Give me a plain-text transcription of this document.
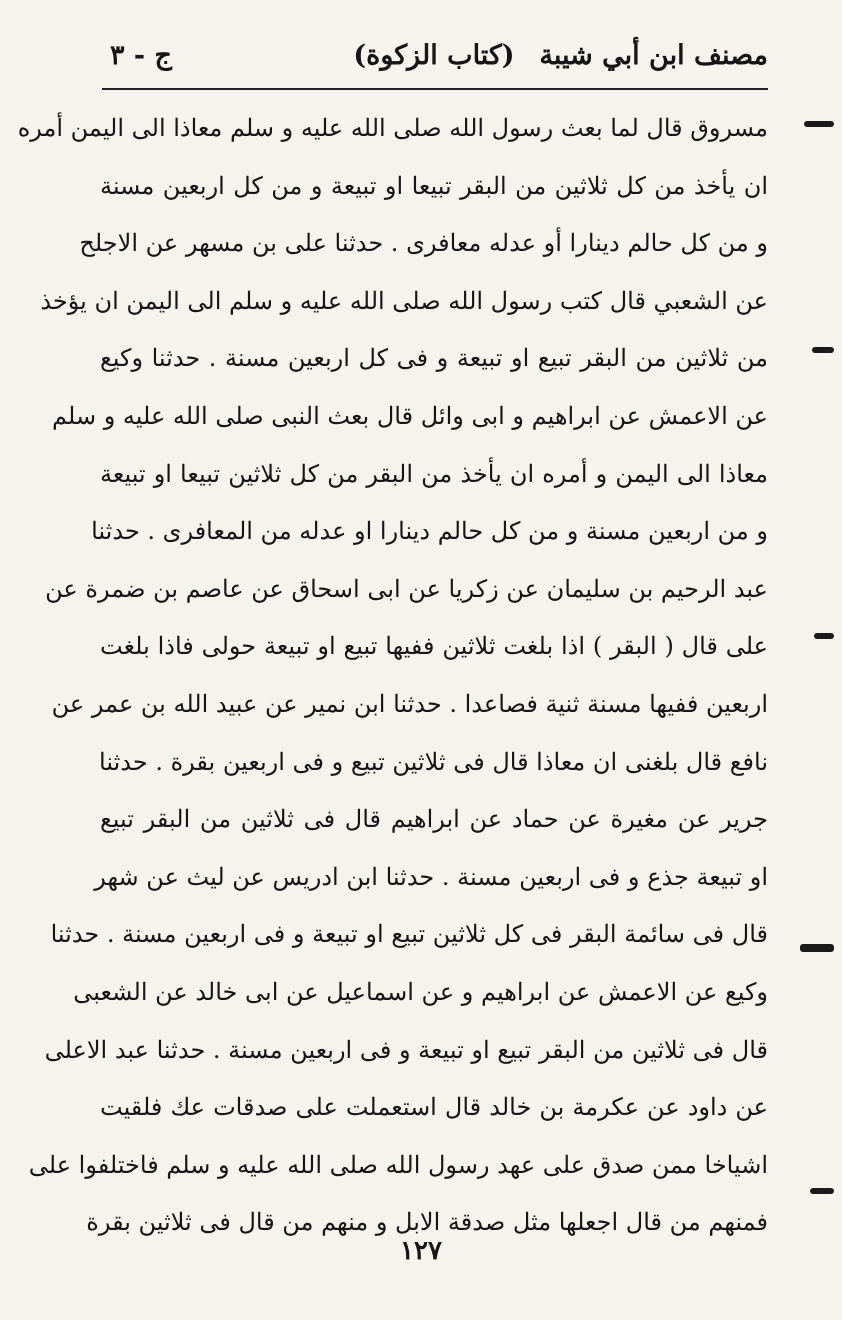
مصنف ابن أبي شيبة
(كتاب الزكوة)
ج - ٣
مسروق قال لما بعث رسول الله صلى الله عليه و سلم معاذا الى اليمن أمره
ان يأخذ من كل ثلاثين من البقر تبيعا او تبيعة و من كل اربعين مسنة
و من كل حالم دينارا أو عدله معافرى . حدثنا على بن مسهر عن الاجلح
عن الشعبي قال كتب رسول الله صلى الله عليه و سلم الى اليمن ان يؤخذ
من ثلاثين من البقر تبيع او تبيعة و فى كل اربعين مسنة . حدثنا وكيع
عن الاعمش عن ابراهيم و ابى وائل قال بعث النبى صلى الله عليه و سلم
معاذا الى اليمن و أمره ان يأخذ من البقر من كل ثلاثين تبيعا او تبيعة
و من اربعين مسنة و من كل حالم دينارا او عدله من المعافرى . حدثنا
عبد الرحيم بن سليمان عن زكريا عن ابى اسحاق عن عاصم بن ضمرة عن
على قال ( البقر ) اذا بلغت ثلاثين ففيها تبيع او تبيعة حولى فاذا بلغت
اربعين ففيها مسنة ثنية فصاعدا . حدثنا ابن نمير عن عبيد الله بن عمر عن
نافع قال بلغنى ان معاذا قال فى ثلاثين تبيع و فى اربعين بقرة . حدثنا
جرير عن مغيرة عن حماد عن ابراهيم قال فى ثلاثين من البقر تبيع
او تبيعة جذع و فى اربعين مسنة . حدثنا ابن ادريس عن ليث عن شهر
قال فى سائمة البقر فى كل ثلاثين تبيع او تبيعة و فى اربعين مسنة . حدثنا
وكيع عن الاعمش عن ابراهيم و عن اسماعيل عن ابى خالد عن الشعبى
قال فى ثلاثين من البقر تبيع او تبيعة و فى اربعين مسنة . حدثنا عبد الاعلى
عن داود عن عكرمة بن خالد قال استعملت على صدقات عك فلقيت
اشياخا ممن صدق على عهد رسول الله صلى الله عليه و سلم فاختلفوا على
فمنهم من قال اجعلها مثل صدقة الابل و منهم من قال فى ثلاثين بقرة
١٢٧
